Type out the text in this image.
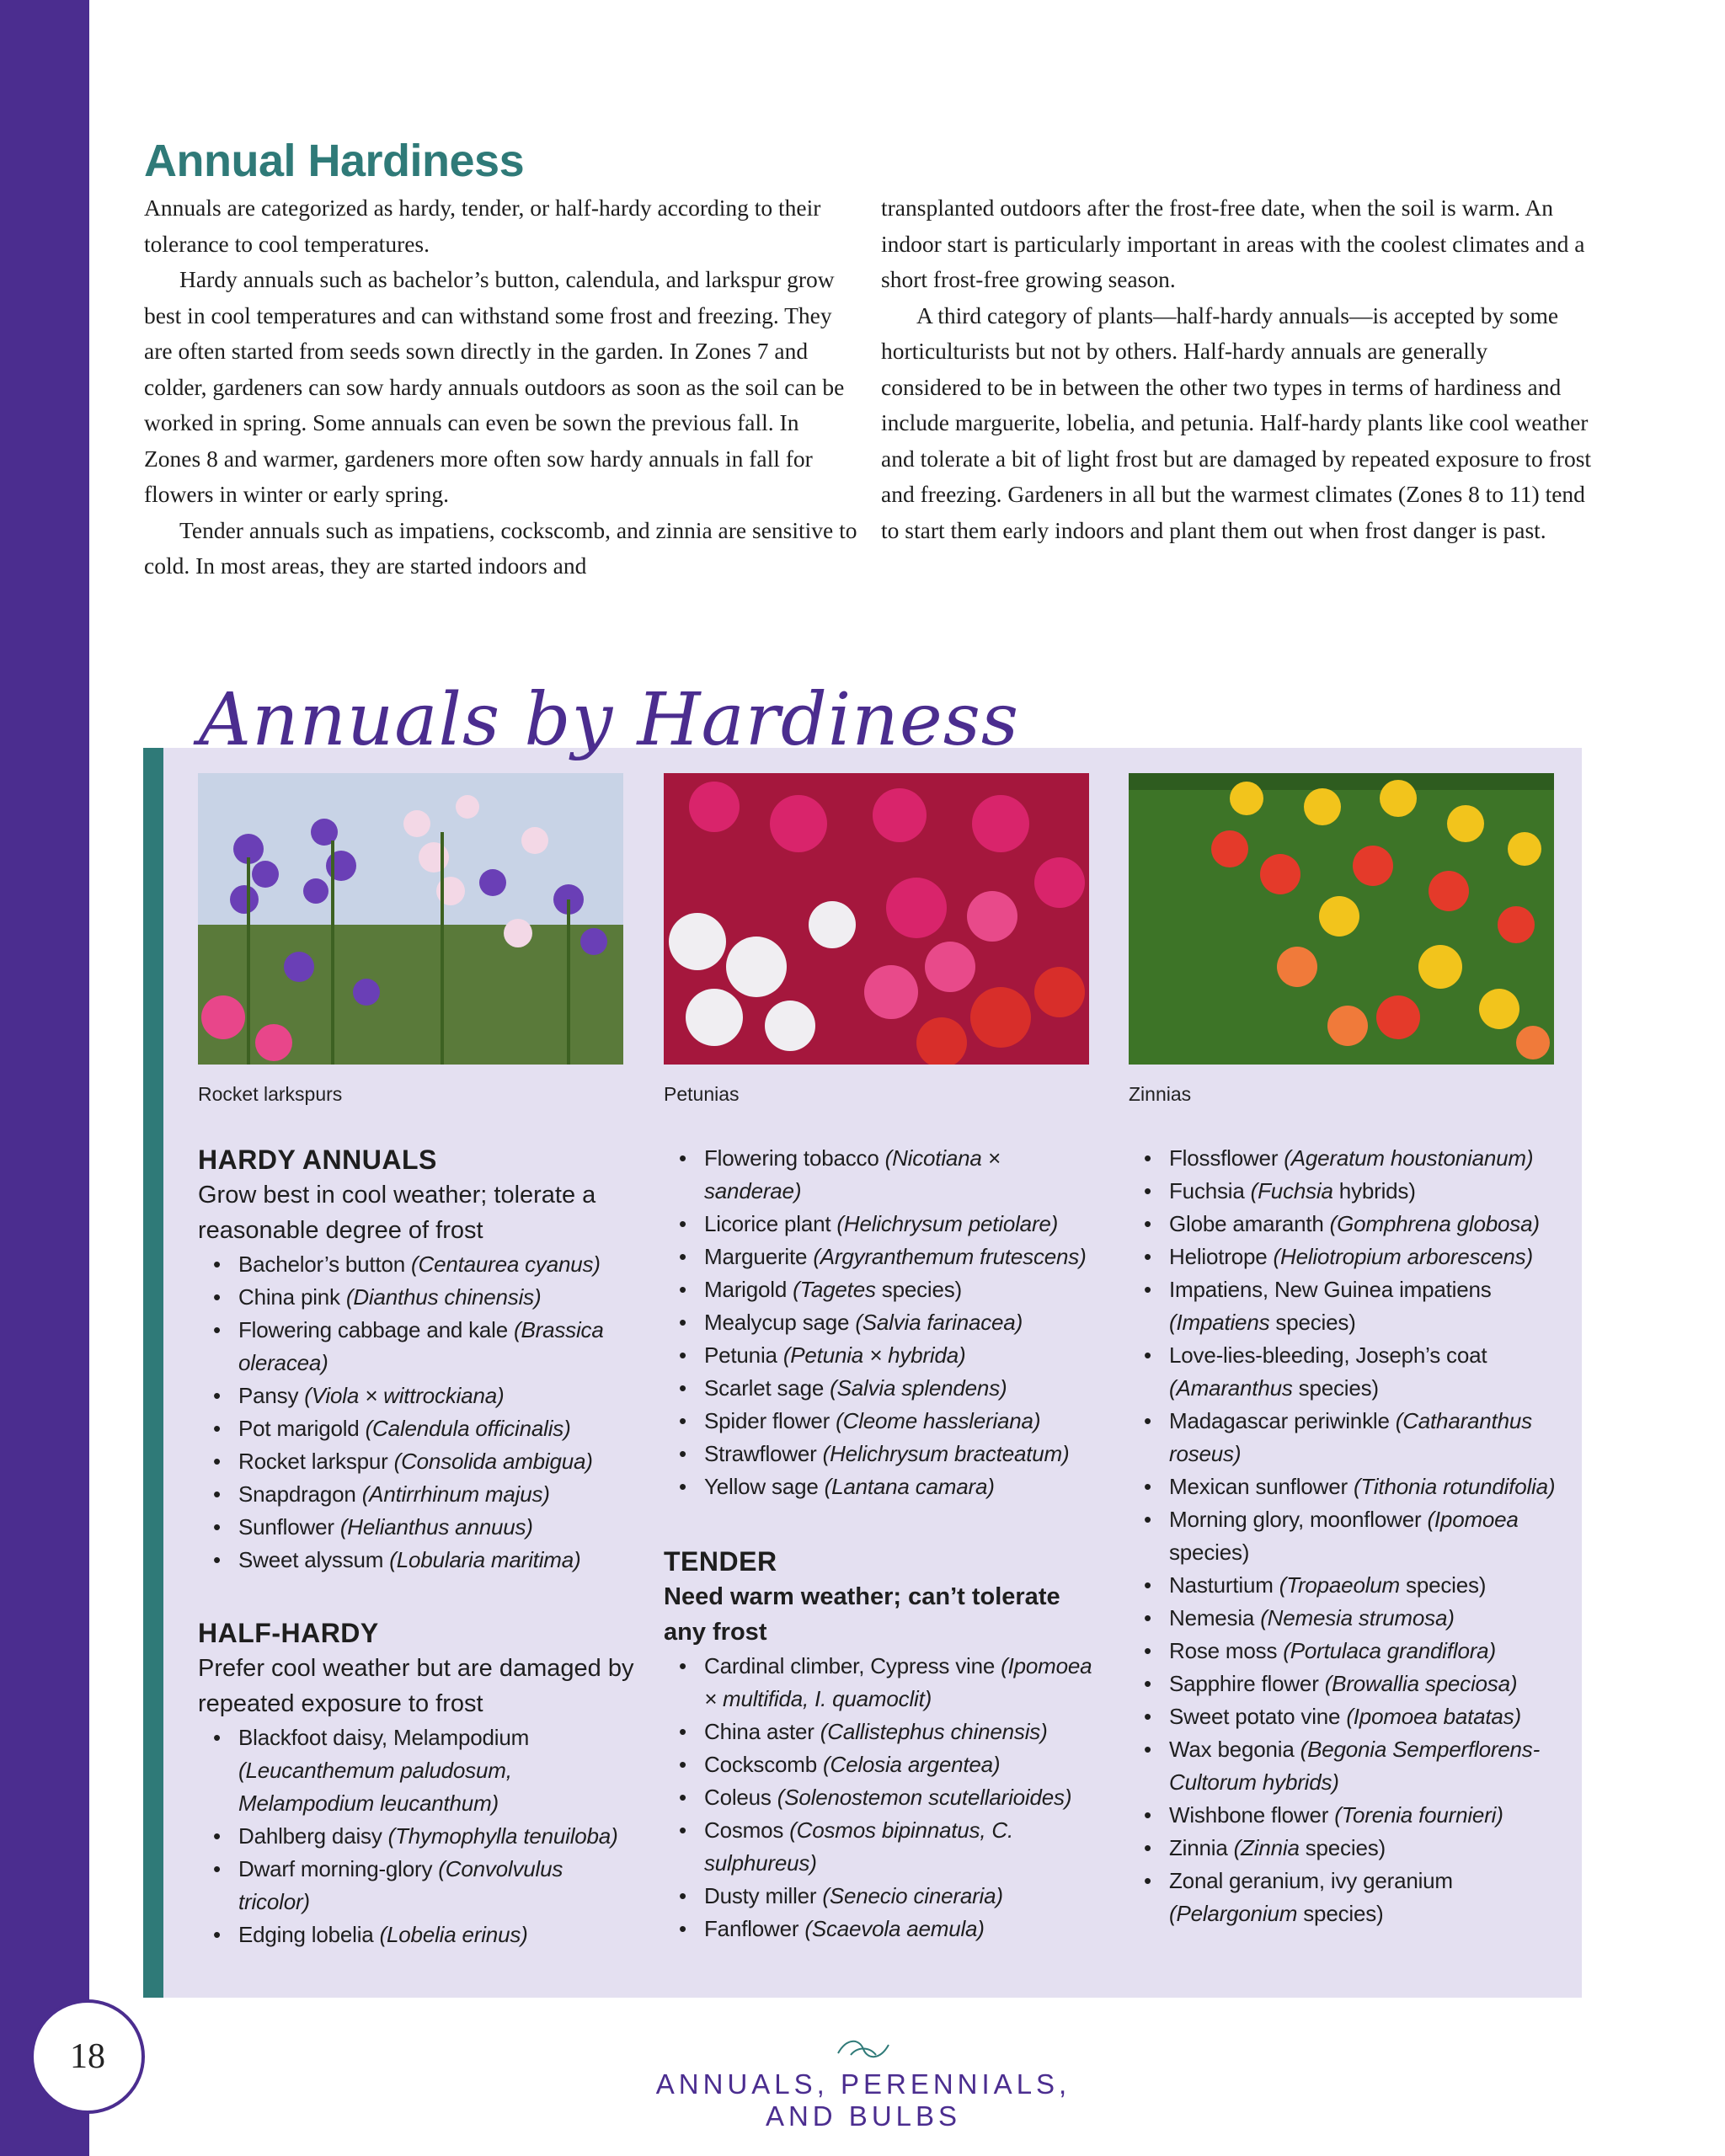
Annual Hardiness

Annuals are categorized as hardy, tender, or half-hardy according to their tolerance to cool temperatures.

Hardy annuals such as bachelor’s button, calendula, and larkspur grow best in cool temperatures and can withstand some frost and freezing. They are often started from seeds sown directly in the garden. In Zones 7 and colder, gardeners can sow hardy annuals outdoors as soon as the soil can be worked in spring. Some annuals can even be sown the previous fall. In Zones 8 and warmer, gardeners more often sow hardy annuals in fall for flowers in winter or early spring.

Tender annuals such as impatiens, cockscomb, and zinnia are sensitive to cold. In most areas, they are started indoors and

transplanted outdoors after the frost-free date, when the soil is warm. An indoor start is particularly important in areas with the coolest climates and a short frost-free growing season.

A third category of plants—half-hardy annuals—is accepted by some horticulturists but not by others. Half-hardy annuals are generally considered to be in between the other two types in terms of hardiness and include marguerite, lobelia, and petunia. Half-hardy plants like cool weather and tolerate a bit of light frost but are damaged by repeated exposure to frost and freezing. Gardeners in all but the warmest climates (Zones 8 to 11) tend to start them early indoors and plant them out when frost danger is past.

Annuals by Hardiness
Rocket larkspurs	Petunias	Zinnias
HARDY ANNUALS
Grow best in cool weather; tolerate a reasonable degree of frost
• Bachelor’s button (Centaurea cyanus)
• China pink (Dianthus chinensis)
• Flowering cabbage and kale (Brassica oleracea)
• Pansy (Viola × wittrockiana)
• Pot marigold (Calendula officinalis)
• Rocket larkspur (Consolida ambigua)
• Snapdragon (Antirrhinum majus)
• Sunflower (Helianthus annuus)
• Sweet alyssum (Lobularia maritima)
HALF-HARDY
Prefer cool weather but are damaged by repeated exposure to frost
• Blackfoot daisy, Melampodium (Leucanthemum paludosum, Melampodium leucanthum)
• Dahlberg daisy (Thymophylla tenuiloba)
• Dwarf morning-glory (Convolvulus tricolor)
• Edging lobelia (Lobelia erinus)
• Flowering tobacco (Nicotiana × sanderae)
• Licorice plant (Helichrysum petiolare)
• Marguerite (Argyranthemum frutescens)
• Marigold (Tagetes species)
• Mealycup sage (Salvia farinacea)
• Petunia (Petunia × hybrida)
• Scarlet sage (Salvia splendens)
• Spider flower (Cleome hassleriana)
• Strawflower (Helichrysum bracteatum)
• Yellow sage (Lantana camara)
TENDER
Need warm weather; can’t tolerate any frost
• Cardinal climber, Cypress vine (Ipomoea × multifida, I. quamoclit)
• China aster (Callistephus chinensis)
• Cockscomb (Celosia argentea)
• Coleus (Solenostemon scutellarioides)
• Cosmos (Cosmos bipinnatus, C. sulphureus)
• Dusty miller (Senecio cineraria)
• Fanflower (Scaevola aemula)
• Flossflower (Ageratum houstonianum)
• Fuchsia (Fuchsia hybrids)
• Globe amaranth (Gomphrena globosa)
• Heliotrope (Heliotropium arborescens)
• Impatiens, New Guinea impatiens (Impatiens species)
• Love-lies-bleeding, Joseph’s coat (Amaranthus species)
• Madagascar periwinkle (Catharanthus roseus)
• Mexican sunflower (Tithonia rotundifolia)
• Morning glory, moonflower (Ipomoea species)
• Nasturtium (Tropaeolum species)
• Nemesia (Nemesia strumosa)
• Rose moss (Portulaca grandiflora)
• Sapphire flower (Browallia speciosa)
• Sweet potato vine (Ipomoea batatas)
• Wax begonia (Begonia Semperflorens-Cultorum hybrids)
• Wishbone flower (Torenia fournieri)
• Zinnia (Zinnia species)
• Zonal geranium, ivy geranium (Pelargonium species)
18
ANNUALS, PERENNIALS, AND BULBS
